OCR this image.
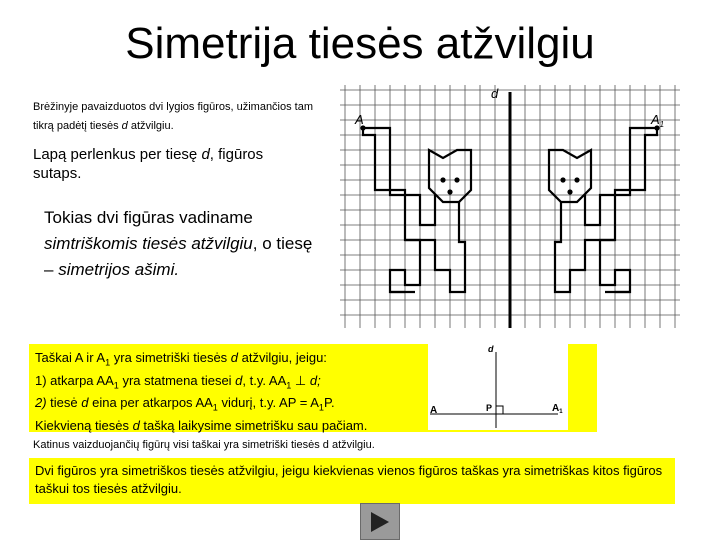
Simetrija tiesės atžvilgiu
Brėžinyje pavaizduotos dvi lygios figūros, užimančios tam tikrą padėtį tiesės d atžvilgiu.
Lapą perlenkus per tiesę d, figūros sutaps.
Tokias dvi figūras vadiname simtriškomis tiesės atžvilgiu, o tiesę – simetrijos ašimi.
d
A	$A_1$
Taškai A ir $A_1$ yra simetriški tiesės d atžvilgiu, jeigu:
1) atkarpa $AA_1$ yra statmena tiesei d, t.y. $AA_1$ ⊥ d;
2) tiesė d eina per atkarpos $AA_1$ vidurį, t.y. AP = $A_1P$.
Kiekvieną tiesės d tašką laikysime simetrišku sau pačiam.
d
A	P	$A_1$
Katinus vaizduojančių figūrų visi taškai yra simetriški tiesės d atžvilgiu.
Dvi figūros yra simetriškos tiesės atžvilgiu, jeigu kiekvienas vienos figūros taškas yra simetriškas kitos figūros taškui tos tiesės atžvilgiu.
